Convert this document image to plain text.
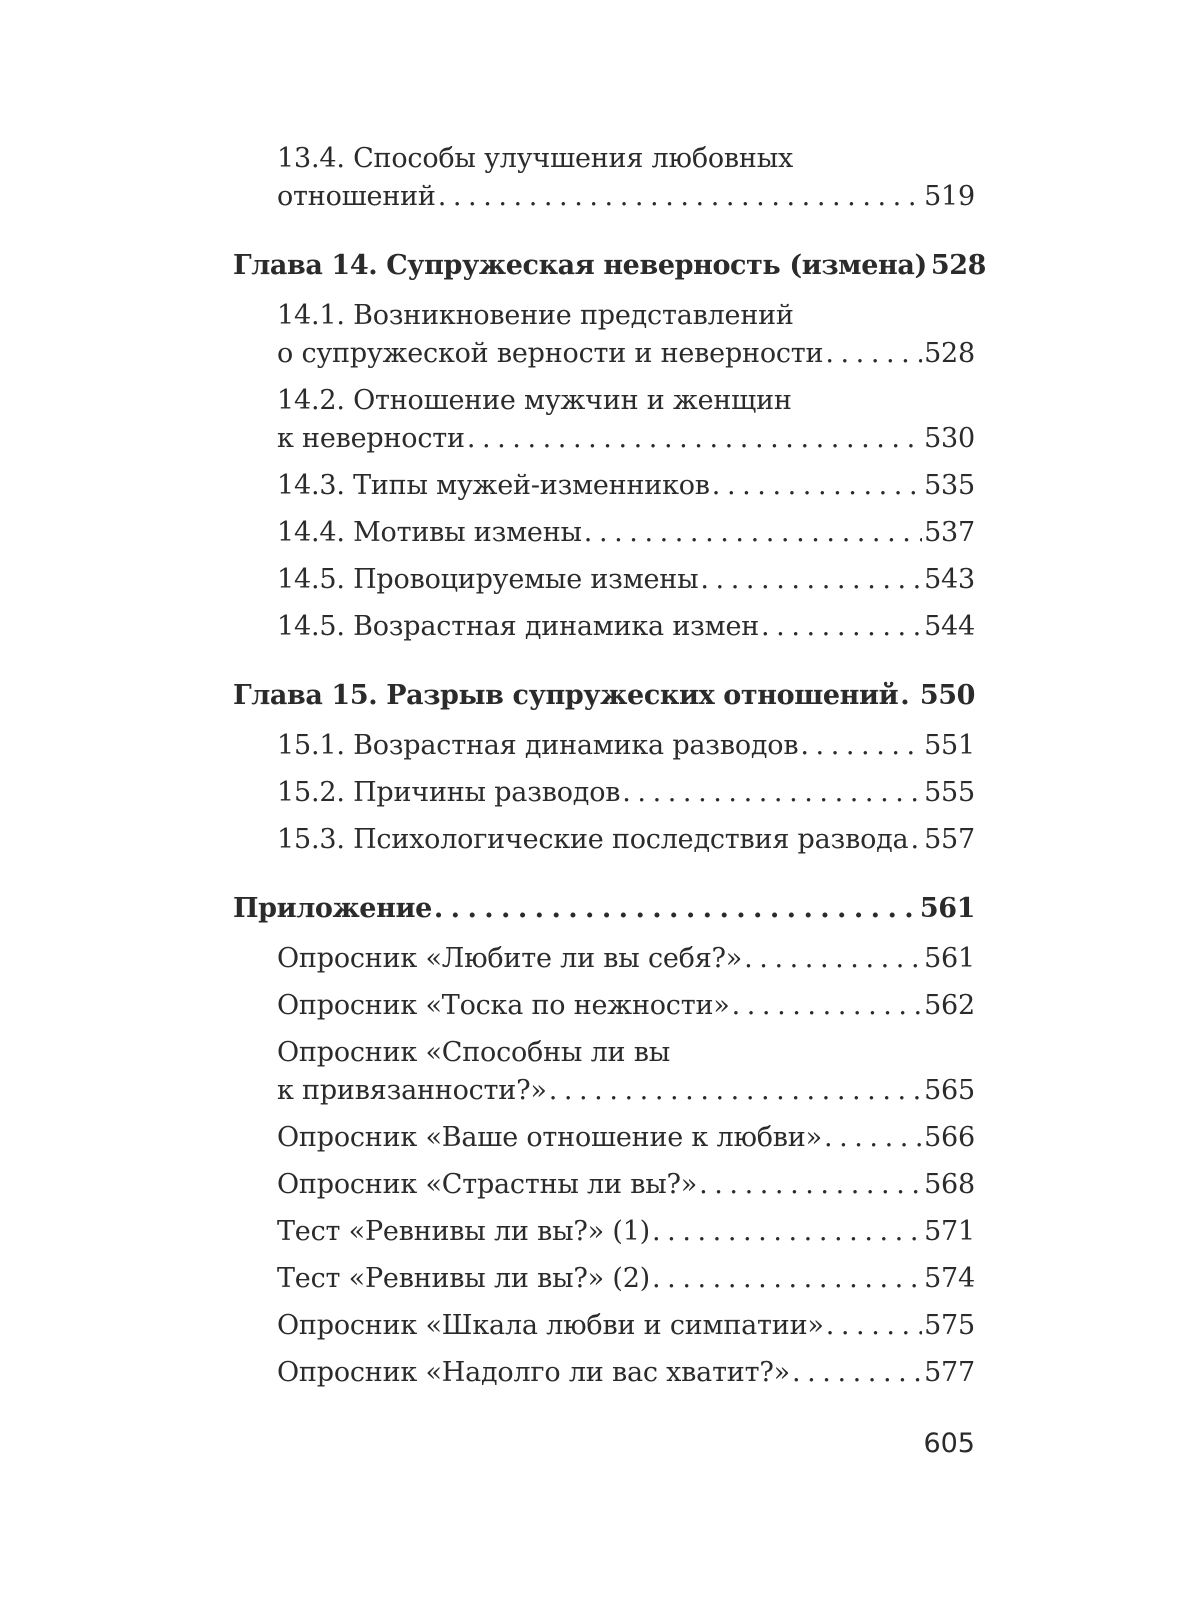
13.4. Способы улучшения любовных
отношений . . .	519
Глава 14. Супружеская неверность (измена) 528
14.1. Возникновение представлений
о супружеской верности и неверности . . .	528
14.2. Отношение мужчин и женщин
к неверности . . .	530
14.3. Типы мужей-изменников . . .	535
14.4. Мотивы измены . . .	537
14.5. Провоцируемые измены . . .	543
14.5. Возрастная динамика измен . . .	544
Глава 15. Разрыв супружеских отношений . . . 550
15.1. Возрастная динамика разводов . . .	551
15.2. Причины разводов . . .	555
15.3. Психологические последствия развода . . . 557
Приложение . . .	561
Опросник «Любите ли вы себя?» . . .	561
Опросник «Тоска по нежности» . . .	562
Опросник «Способны ли вы
к привязанности?» . . .	565
Опросник «Ваше отношение к любви» . . .	566
Опросник «Страстны ли вы?» . . .	568
Тест «Ревнивы ли вы?» (1) . . .	571
Тест «Ревнивы ли вы?» (2) . . .	574
Опросник «Шкала любви и симпатии» . . .	575
Опросник «Надолго ли вас хватит?» . . .	577
605
